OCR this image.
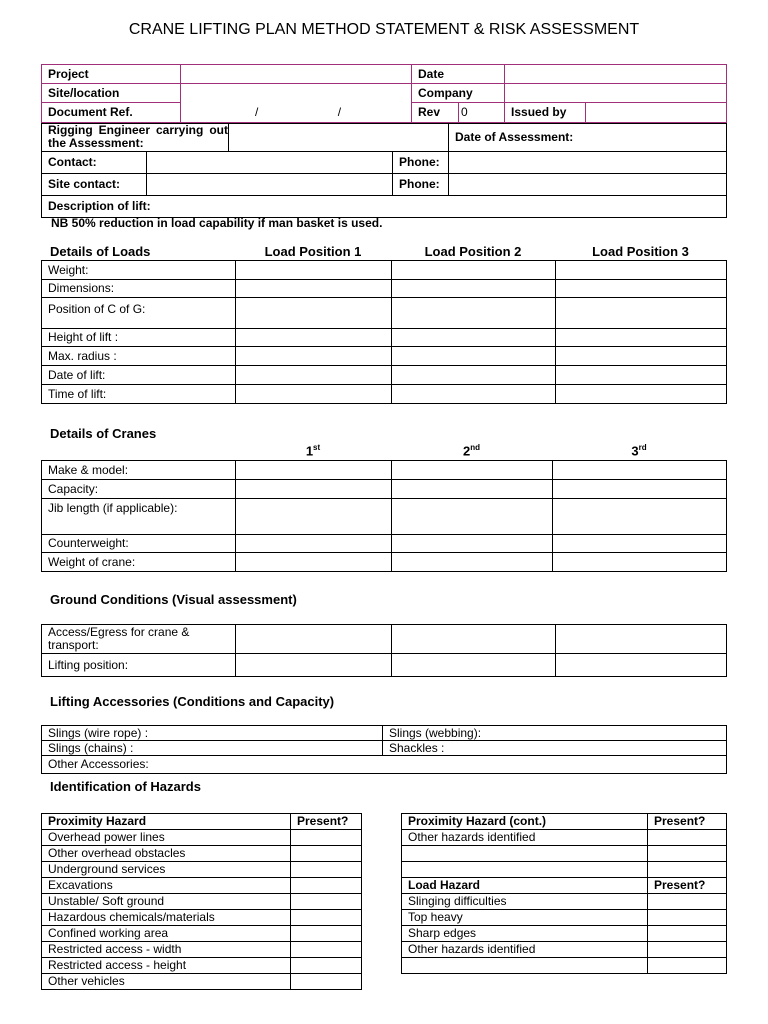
CRANE LIFTING PLAN METHOD STATEMENT & RISK ASSESSMENT
Project		Date			
Site/location		Company			
Document Ref.	/ /	Rev	0	Issued by	
Rigging Engineer carrying out the Assessment:				Date of Assessment:
Contact:			Phone:	
Site contact:			Phone:	
Description of lift:				
NB 50% reduction in load capability if man basket is used.
Details of Loads	Load Position 1	Load Position 2	Load Position 3
Weight:			
Dimensions:			
Position of C of G:			
Height of lift :			
Max. radius :			
Date of lift:			
Time of lift:			
Details of Cranes
1st	2nd	3rd
Make & model:			
Capacity:			
Jib length (if applicable):			
Counterweight:			
Weight of crane:			
Ground Conditions (Visual assessment)
Access/Egress for crane & transport:			
Lifting position:			
Lifting Accessories (Conditions and Capacity)
Slings (wire rope) :	Slings (webbing):
Slings (chains) :	Shackles :
Other Accessories:	
Identification of Hazards
Proximity Hazard	Present?
Overhead power lines	
Other overhead obstacles	
Underground services	
Excavations	
Unstable/ Soft ground	
Hazardous chemicals/materials	
Confined working area	
Restricted access - width	
Restricted access - height	
Other vehicles	
Proximity Hazard (cont.)	Present?
Other hazards identified	

Load Hazard	Present?
Slinging difficulties	
Top heavy	
Sharp edges	
Other hazards identified	
